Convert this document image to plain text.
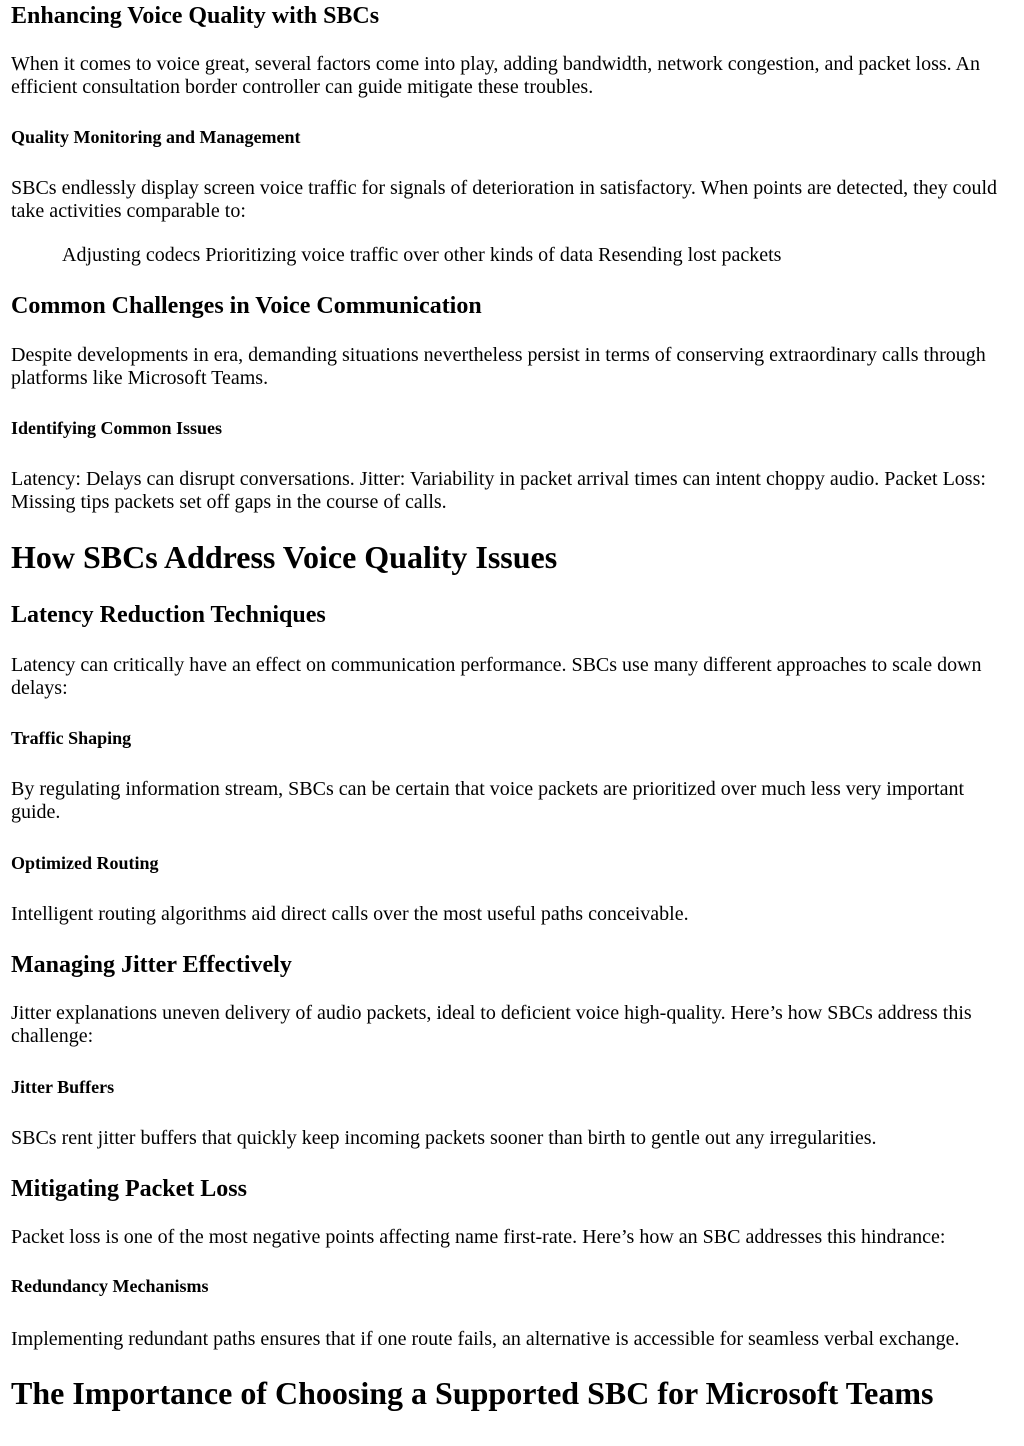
Enhancing Voice Quality with SBCs

When it comes to voice great, several factors come into play, adding bandwidth, network congestion, and packet loss. An efficient consultation border controller can guide mitigate these troubles.

Quality Monitoring and Management

SBCs endlessly display screen voice traffic for signals of deterioration in satisfactory. When points are detected, they could take activities comparable to:

Adjusting codecs Prioritizing voice traffic over other kinds of data Resending lost packets

Common Challenges in Voice Communication

Despite developments in era, demanding situations nevertheless persist in terms of conserving extraordinary calls through platforms like Microsoft Teams.

Identifying Common Issues

Latency: Delays can disrupt conversations. Jitter: Variability in packet arrival times can intent choppy audio. Packet Loss: Missing tips packets set off gaps in the course of calls.

How SBCs Address Voice Quality Issues
Latency Reduction Techniques

Latency can critically have an effect on communication performance. SBCs use many different approaches to scale down delays:

Traffic Shaping

By regulating information stream, SBCs can be certain that voice packets are prioritized over much less very important guide.

Optimized Routing

Intelligent routing algorithms aid direct calls over the most useful paths conceivable.

Managing Jitter Effectively

Jitter explanations uneven delivery of audio packets, ideal to deficient voice high-quality. Here’s how SBCs address this challenge:

Jitter Buffers

SBCs rent jitter buffers that quickly keep incoming packets sooner than birth to gentle out any irregularities.

Mitigating Packet Loss

Packet loss is one of the most negative points affecting name first-rate. Here’s how an SBC addresses this hindrance:

Redundancy Mechanisms

Implementing redundant paths ensures that if one route fails, an alternative is accessible for seamless verbal exchange.

The Importance of Choosing a Supported SBC for Microsoft Teams
